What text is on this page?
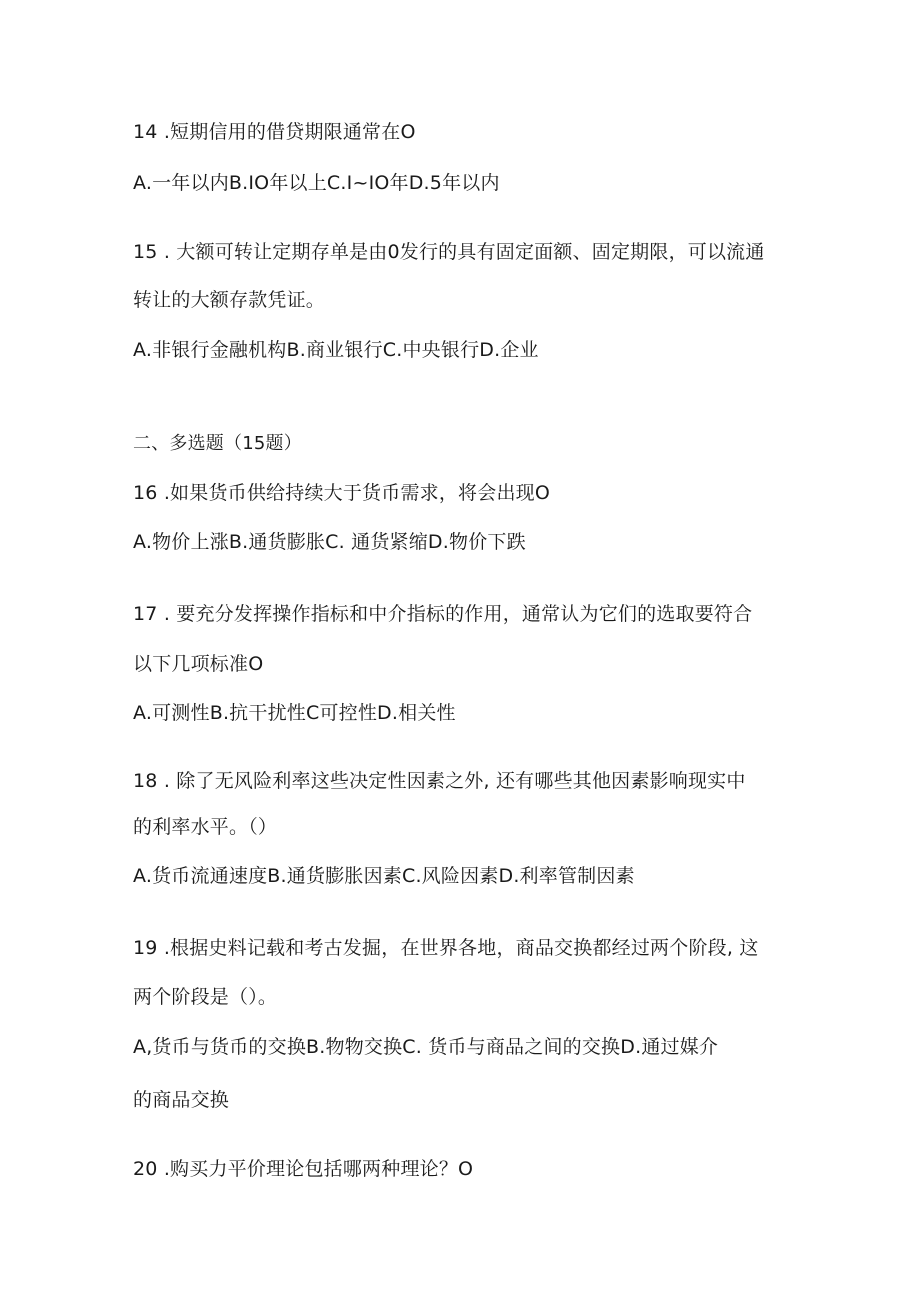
14 .短期信用的借贷期限通常在O
A.一年以内B.IO年以上C.I~IO年D.5年以内
15 . 大额可转让定期存单是由0发行的具有固定面额、固定期限，可以流通
转让的大额存款凭证。
A.非银行金融机构B.商业银行C.中央银行D.企业
二、多选题（15题）
16 .如果货币供给持续大于货币需求，将会出现O
A.物价上涨B.通货膨胀C. 通货紧缩D.物价下跌
17 . 要充分发挥操作指标和中介指标的作用，通常认为它们的选取要符合
以下几项标准O
A.可测性B.抗干扰性C可控性D.相关性
18 . 除了无风险利率这些决定性因素之外, 还有哪些其他因素影响现实中
的利率水平。（）
A.货币流通速度B.通货膨胀因素C.风险因素D.利率管制因素
19 .根据史料记载和考古发掘，在世界各地，商品交换都经过两个阶段, 这
两个阶段是（）。
A,货币与货币的交换B.物物交换C. 货币与商品之间的交换D.通过媒介
的商品交换
20 .购买力平价理论包括哪两种理论？O
